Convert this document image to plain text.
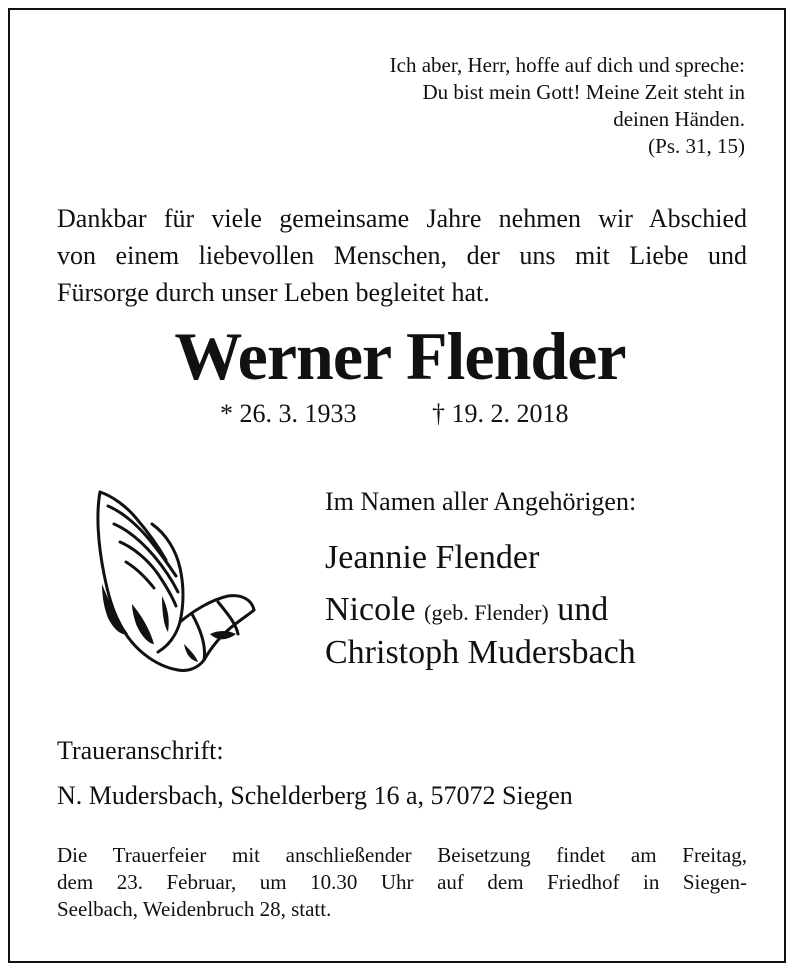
Ich aber, Herr, hoffe auf dich und spreche:
Du bist mein Gott! Meine Zeit steht in
deinen Händen.
(Ps. 31, 15)
Dankbar für viele gemeinsame Jahre nehmen wir Abschied
von einem liebevollen Menschen, der uns mit Liebe und
Fürsorge durch unser Leben begleitet hat.
Werner Flender
* 26. 3. 1933	† 19. 2. 2018
Im Namen aller Angehörigen:
Jeannie Flender
Nicole (geb. Flender) und
Christoph Mudersbach
Traueranschrift:
N. Mudersbach, Schelderberg 16 a, 57072 Siegen
Die Trauerfeier mit anschließender Beisetzung findet am Freitag,
dem 23. Februar, um 10.30 Uhr auf dem Friedhof in Siegen-
Seelbach, Weidenbruch 28, statt.
